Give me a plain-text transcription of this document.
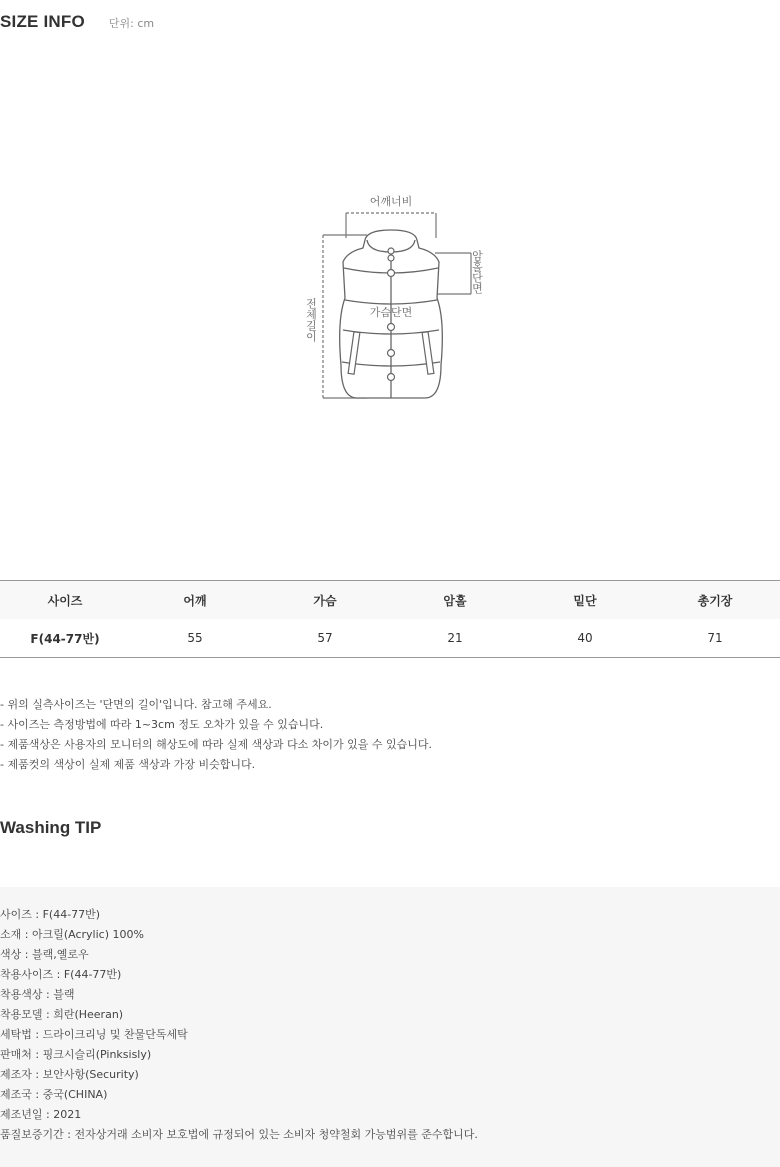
SIZE INFO 단위: cm
어깨너비
가슴단면
암홀단면
전체길이
사이즈	어깨	가슴	암홀	밑단	총기장
F(44-77반)	55	57	21	40	71
- 위의 실측사이즈는 '단면의 길이'입니다. 참고해 주세요.
- 사이즈는 측정방법에 따라 1~3cm 정도 오차가 있을 수 있습니다.
- 제품색상은 사용자의 모니터의 해상도에 따라 실제 색상과 다소 차이가 있을 수 있습니다.
- 제품컷의 색상이 실제 제품 색상과 가장 비슷합니다.
Washing TIP
사이즈 : F(44-77반)
소재 : 아크릴(Acrylic) 100%
색상 : 블랙,옐로우
착용사이즈 : F(44-77반)
착용색상 : 블랙
착용모델 : 희란(Heeran)
세탁법 : 드라이크리닝 및 찬물단독세탁
판매처 : 핑크시슬리(Pinksisly)
제조자 : 보안사항(Security)
제조국 : 중국(CHINA)
제조년일 : 2021
품질보증기간 : 전자상거래 소비자 보호법에 규정되어 있는 소비자 청약철회 가능범위를 준수합니다.
